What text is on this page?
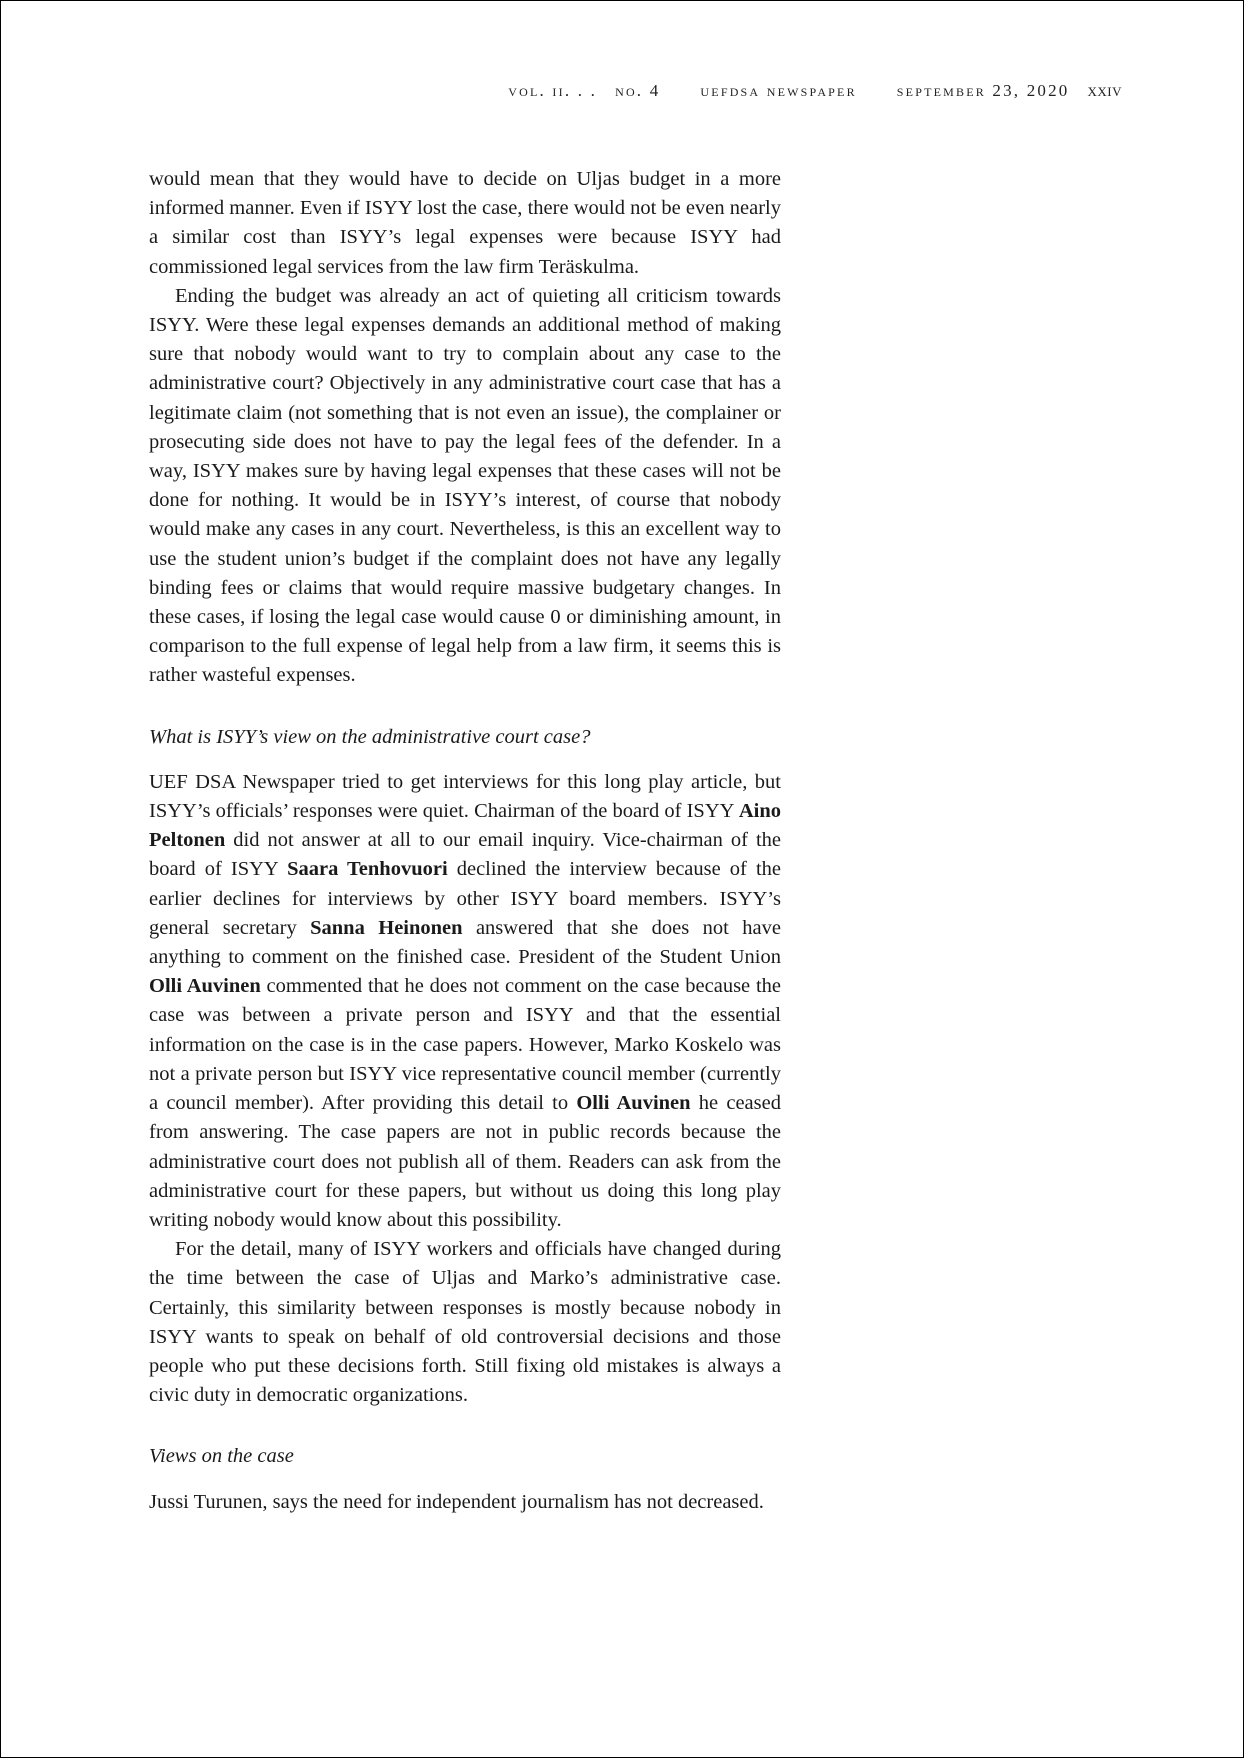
vol. ii. . . no. 4 uefdsa newspaper september 23, 2020 xxiv

would mean that they would have to decide on Uljas budget in a more informed manner. Even if ISYY lost the case, there would not be even nearly a similar cost than ISYY’s legal expenses were because ISYY had commissioned legal services from the law firm Teräskulma.

Ending the budget was already an act of quieting all criticism towards ISYY. Were these legal expenses demands an additional method of making sure that nobody would want to try to complain about any case to the administrative court? Objectively in any administrative court case that has a legitimate claim (not something that is not even an issue), the complainer or prosecuting side does not have to pay the legal fees of the defender. In a way, ISYY makes sure by having legal expenses that these cases will not be done for nothing. It would be in ISYY’s interest, of course that nobody would make any cases in any court. Nevertheless, is this an excellent way to use the student union’s budget if the complaint does not have any legally binding fees or claims that would require massive budgetary changes. In these cases, if losing the legal case would cause 0 or diminishing amount, in comparison to the full expense of legal help from a law firm, it seems this is rather wasteful expenses.

What is ISYY’s view on the administrative court case?

UEF DSA Newspaper tried to get interviews for this long play article, but ISYY’s officials’ responses were quiet. Chairman of the board of ISYY Aino Peltonen did not answer at all to our email inquiry. Vice-chairman of the board of ISYY Saara Tenhovuori declined the interview because of the earlier declines for interviews by other ISYY board members. ISYY’s general secretary Sanna Heinonen answered that she does not have anything to comment on the finished case. President of the Student Union Olli Auvinen commented that he does not comment on the case because the case was between a private person and ISYY and that the essential information on the case is in the case papers. However, Marko Koskelo was not a private person but ISYY vice representative council member (currently a council member). After providing this detail to Olli Auvinen he ceased from answering. The case papers are not in public records because the administrative court does not publish all of them. Readers can ask from the administrative court for these papers, but without us doing this long play writing nobody would know about this possibility.

For the detail, many of ISYY workers and officials have changed during the time between the case of Uljas and Marko’s administrative case. Certainly, this similarity between responses is mostly because nobody in ISYY wants to speak on behalf of old controversial decisions and those people who put these decisions forth. Still fixing old mistakes is always a civic duty in democratic organizations.

Views on the case

Jussi Turunen, says the need for independent journalism has not decreased.
